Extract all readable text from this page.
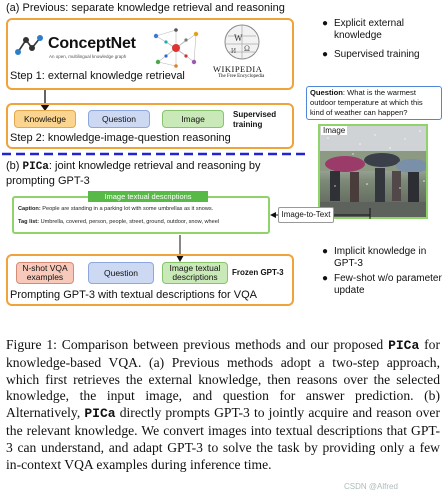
(a) Previous: separate knowledge retrieval and reasoning
ConceptNet
An open, multilingual knowledge graph
W
Ω
И
WIKIPEDIA
The Free Encyclopedia
Step 1: external knowledge retrieval
Knowledge	Question	Image	Supervised training
Step 2: knowledge-image-question reasoning
● Explicit external knowledge
● Supervised training
Question: What is the warmest outdoor temperature at which this kind of weather can happen?
Image
(b) PICa: joint knowledge retrieval and reasoning by prompting GPT-3
Image textual descriptions
Caption: People are standing in a parking lot with some umbrellas as it snows.
Tag list: Umbrella, covered, person, people, street, ground, outdoor, snow, wheel
Image-to-Text
N-shot VQA examples	Question	Image textual descriptions	Frozen GPT-3
Prompting GPT-3 with textual descriptions for VQA
● Implicit knowledge in GPT-3
● Few-shot w/o parameter update
Figure 1: Comparison between previous methods and our proposed PICa for knowledge-based VQA. (a) Previous methods adopt a two-step approach, which first retrieves the external knowledge, then reasons over the selected knowledge, the input image, and question for answer prediction. (b) Alternatively, PICa directly prompts GPT-3 to jointly acquire and reason over the relevant knowledge. We convert images into textual descriptions that GPT-3 can understand, and adapt GPT-3 to solve the task by providing only a few in-context VQA examples during inference time.
CSDN @Alfred
